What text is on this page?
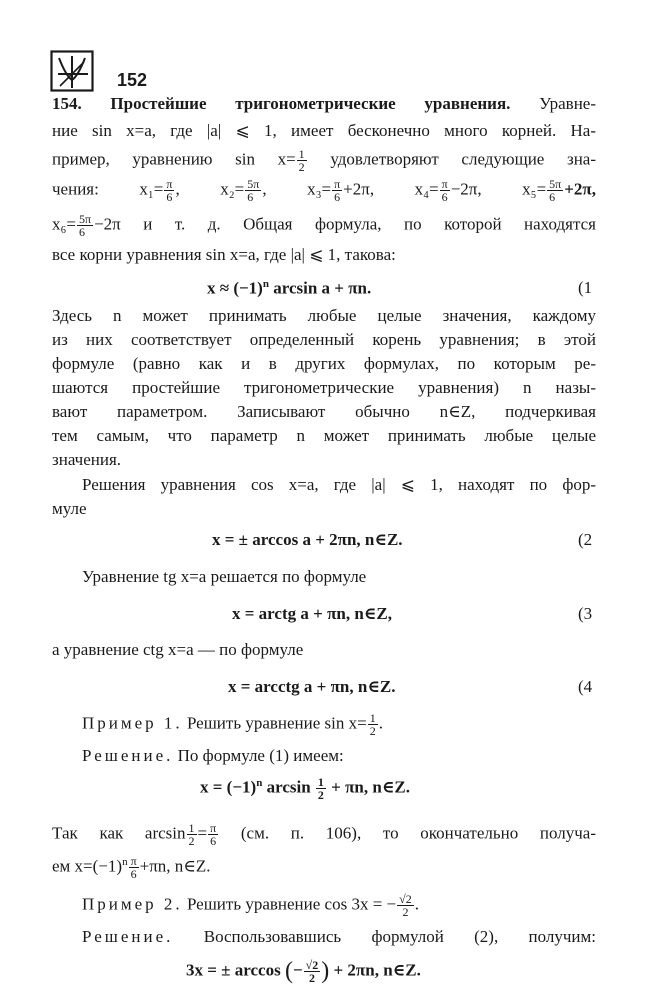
152
154. Простейшие тригонометрические уравнения. Уравне-
ние sin x=a, где |a| ⩽ 1, имеет бесконечно много корней. На-
пример, уравнению $\sin x= \frac{1}{2}$ удовлетворяют следующие зна-
чения: $x_1= \frac{\pi}{6}$ , $x_2= \frac{5\pi}{6}$ , $x_3= \frac{\pi}{6} +2\pi$, $x_4= \frac{\pi}{6} -2\pi$, $x_5= \frac{5\pi}{6} +2\pi$,
$x_6= \frac{5\pi}{6} -2\pi$ и т. д. Общая формула, по которой находятся
все корни уравнения sin x=a, где |a| ⩽ 1, такова:
$x \approx (-1)^n$ arcsin a + πn.	(1
Здесь n может принимать любые целые значения, каждому
из них соответствует определенный корень уравнения; в этой
формуле (равно как и в других формулах, по которым ре-
шаются простейшие тригонометрические уравнения) n назы-
вают параметром. Записывают обычно n∈Z, подчеркивая
тем самым, что параметр n может принимать любые целые
значения.
Решения уравнения cos x=a, где |a| ⩽ 1, находят по фор-
муле
x = ± arccos a + 2πn, n∈Z.	(2
Уравнение tg x=a решается по формуле
x = arctg a + πn, n∈Z,	(3
а уравнение ctg x=a — по формуле
x = arcctg a + πn, n∈Z.	(4
Пример 1. Решить уравнение $\sin x= \frac{1}{2}$ .
Решение. По формуле (1) имеем:
$x = (-1)^n$ $\arcsin \frac{1}{2} + \pi n$, n∈Z.
Так как $\arcsin \frac{1}{2} = \frac{\pi}{6} (см$. п. 106), то окончательно получа-
ем $x=(-1)^n \frac{\pi}{6} +\pi n$, n∈Z.
Пример 2. Решить уравнение cos 3x = − $\frac{√2}{2}$ .
Решение. Воспользовавшись формулой (2), получим:
3x = ± arccos (− $\frac{√2}{2}$ ) + 2πn, n∈Z.
